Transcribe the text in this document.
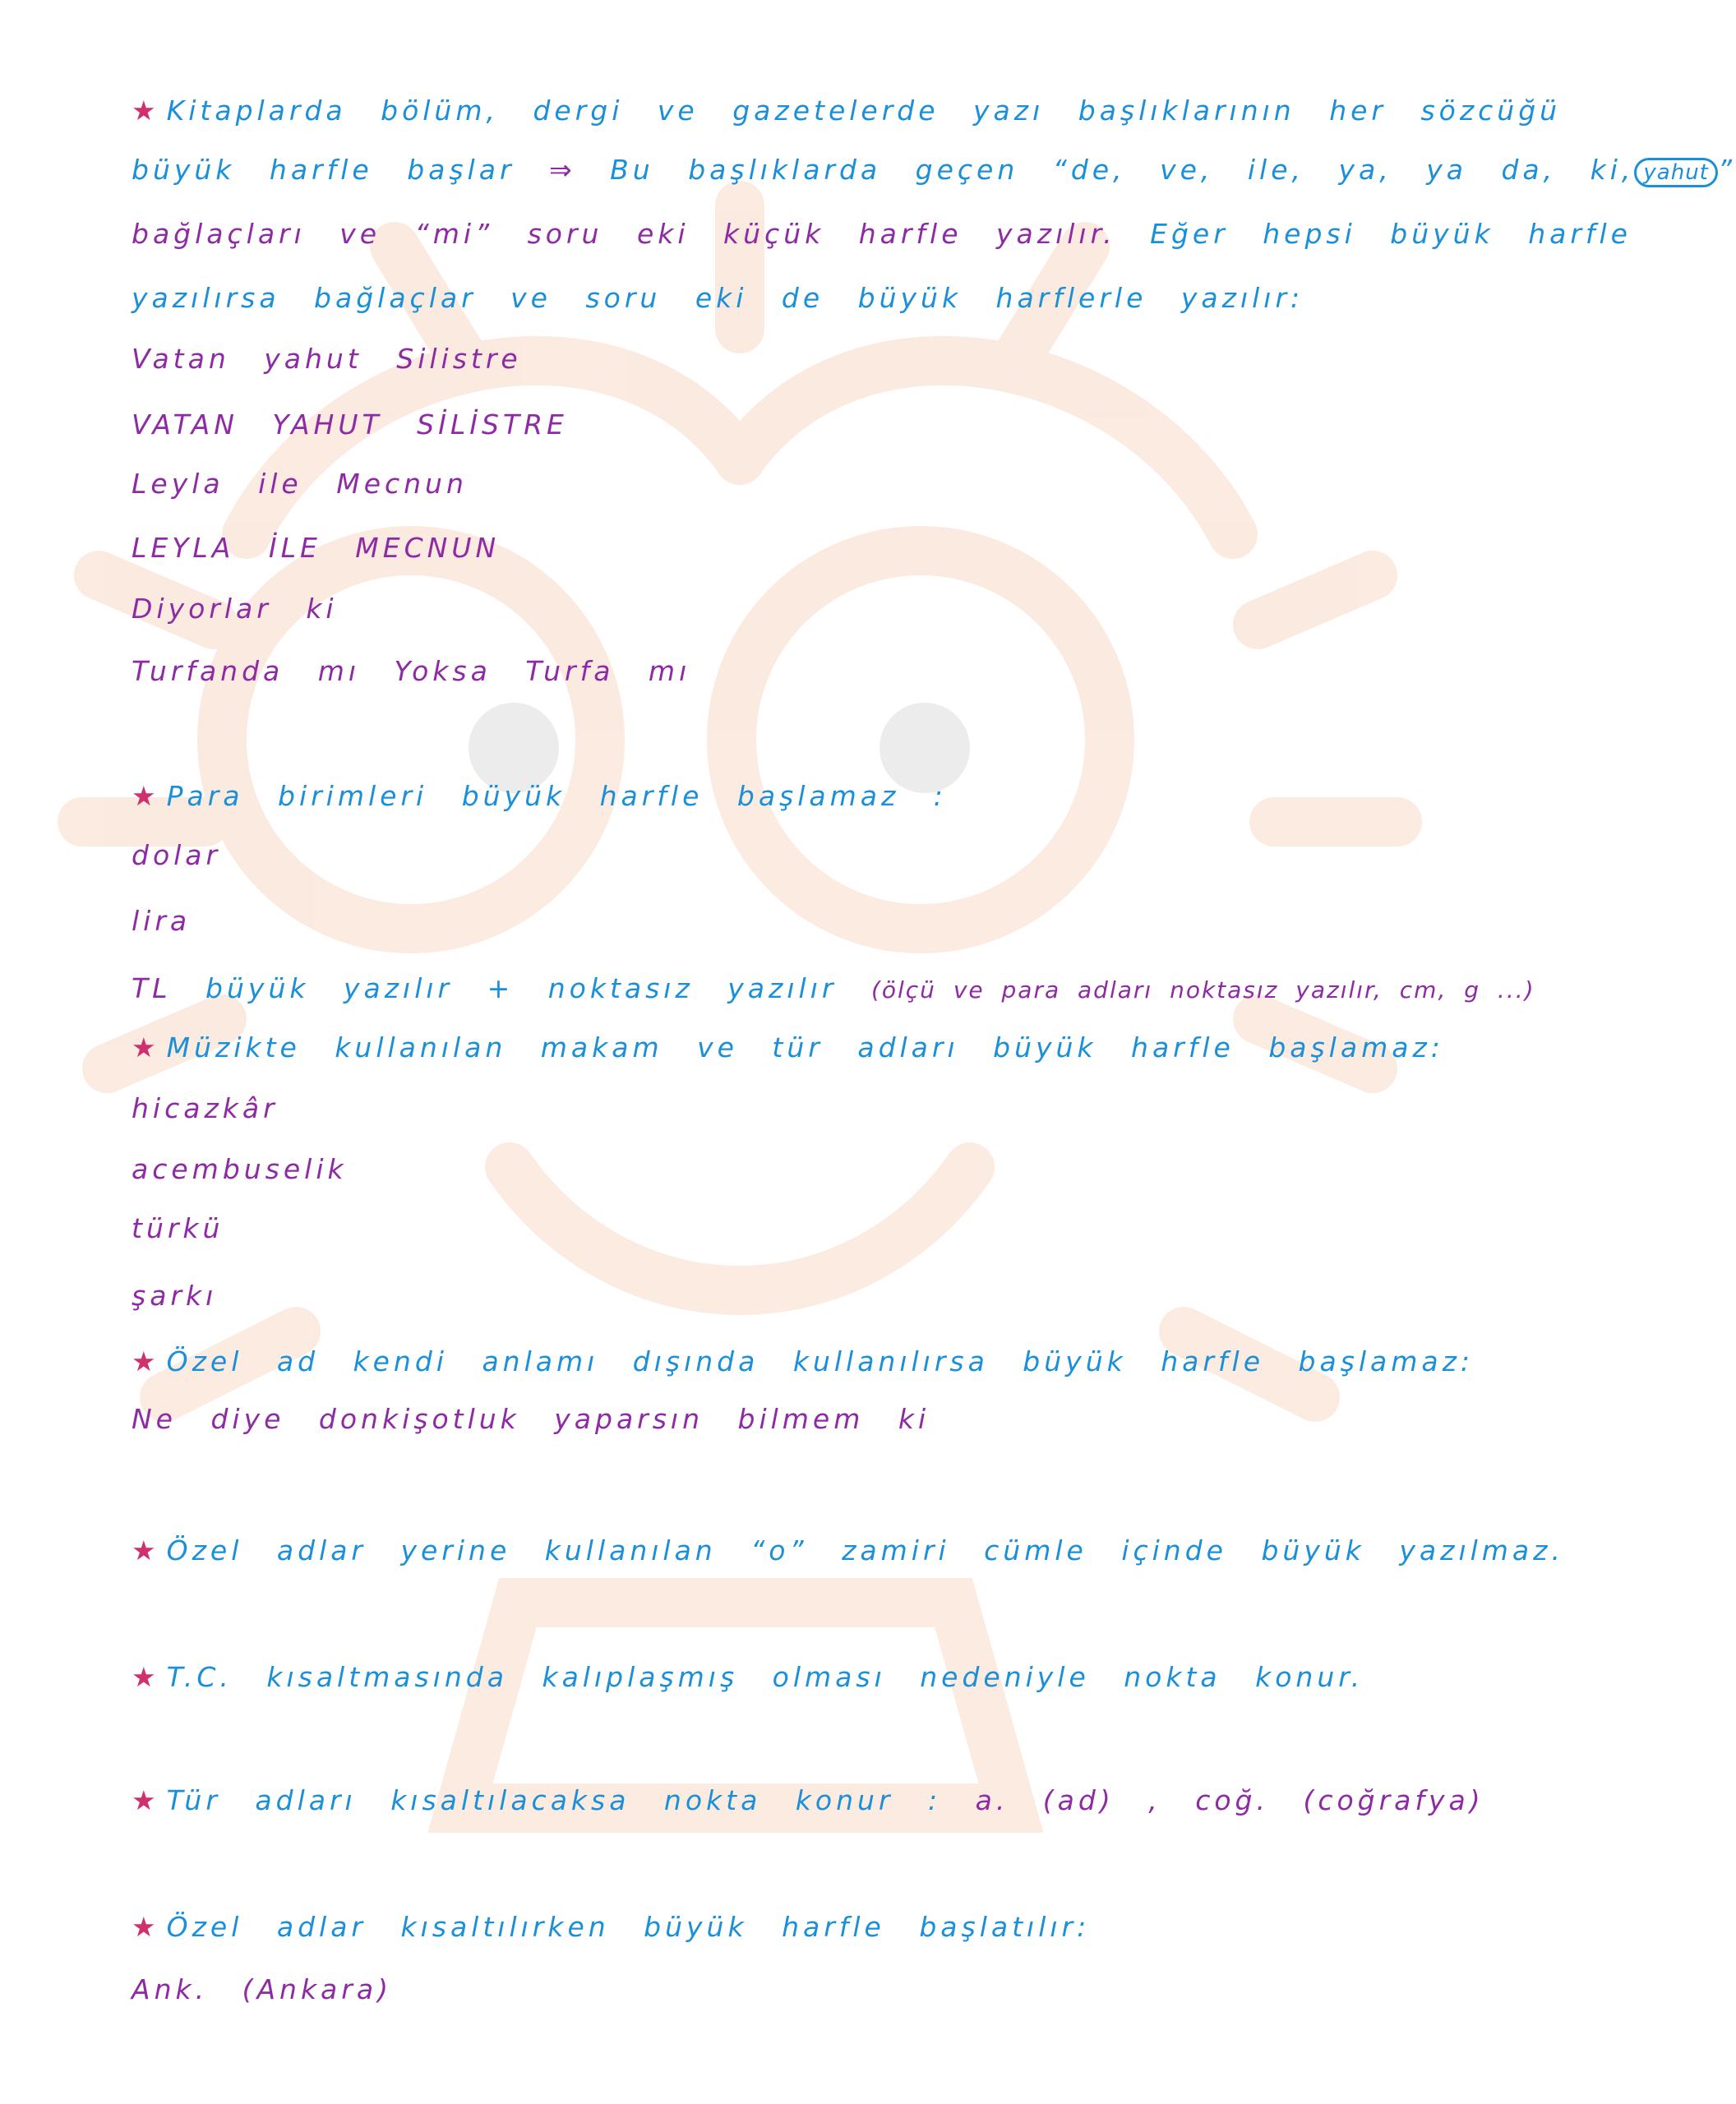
★ Kitaplarda bölüm, dergi ve gazetelerde yazı başlıklarının her sözcüğü
büyük harfle başlar ⇒ Bu başlıklarda geçen “de, ve, ile, ya, ya da, ki, yahut ”
bağlaçları ve “mi” soru eki küçük harfle yazılır. Eğer hepsi büyük harfle
yazılırsa bağlaçlar ve soru eki de büyük harflerle yazılır:
Vatan yahut Silistre
VATAN YAHUT SİLİSTRE
Leyla ile Mecnun
LEYLA İLE MECNUN
Diyorlar ki
Turfanda mı Yoksa Turfa mı
★ Para birimleri büyük harfle başlamaz :
dolar
lira
TL büyük yazılır + noktasız yazılır (ölçü ve para adları noktasız yazılır, cm, g ...)
★ Müzikte kullanılan makam ve tür adları büyük harfle başlamaz:
hicazkâr
acembuselik
türkü
şarkı
★ Özel ad kendi anlamı dışında kullanılırsa büyük harfle başlamaz:
Ne diye donkişotluk yaparsın bilmem ki
★ Özel adlar yerine kullanılan “o” zamiri cümle içinde büyük yazılmaz.
★ T.C. kısaltmasında kalıplaşmış olması nedeniyle nokta konur.
★ Tür adları kısaltılacaksa nokta konur : a. (ad) , coğ. (coğrafya)
★ Özel adlar kısaltılırken büyük harfle başlatılır:
Ank. (Ankara)
